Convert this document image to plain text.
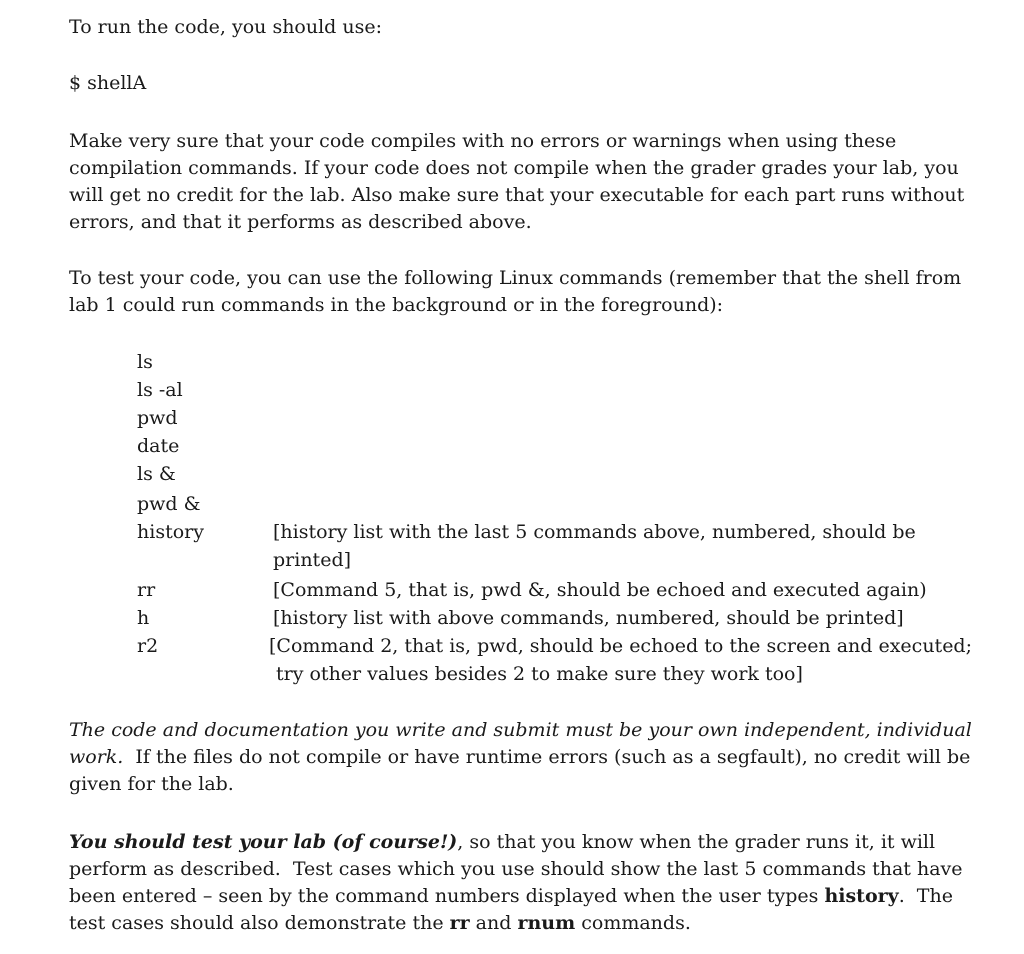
To run the code, you should use:
$ shellA
Make very sure that your code compiles with no errors or warnings when using these
compilation commands. If your code does not compile when the grader grades your lab, you
will get no credit for the lab. Also make sure that your executable for each part runs without
errors, and that it performs as described above.
To test your code, you can use the following Linux commands (remember that the shell from
lab 1 could run commands in the background or in the foreground):
ls
ls -al
pwd
date
ls &
pwd &
history	[history list with the last 5 commands above, numbered, should be
printed]
rr	[Command 5, that is, pwd &, should be echoed and executed again)
h	[history list with above commands, numbered, should be printed]
r2	[Command 2, that is, pwd, should be echoed to the screen and executed;
try other values besides 2 to make sure they work too]
The code and documentation you write and submit must be your own independent, individual
work.  If the files do not compile or have runtime errors (such as a segfault), no credit will be
given for the lab.
You should test your lab (of course!), so that you know when the grader runs it, it will
perform as described.  Test cases which you use should show the last 5 commands that have
been entered – seen by the command numbers displayed when the user types history.  The
test cases should also demonstrate the rr and rnum commands.
